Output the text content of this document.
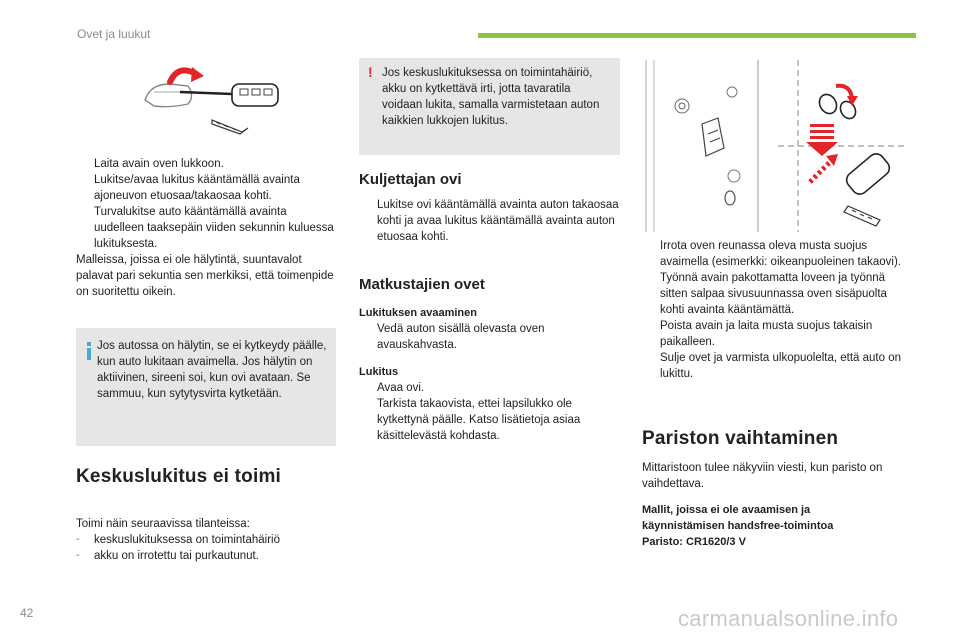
Ovet ja luukut
Laita avain oven lukkoon.
Lukitse/avaa lukitus kääntämällä avainta ajoneuvon etuosaa/takaosaa kohti.
Turvalukitse auto kääntämällä avainta uudelleen taaksepäin viiden sekunnin kuluessa lukituksesta.
Malleissa, joissa ei ole hälytintä, suuntavalot palavat pari sekuntia sen merkiksi, että toimenpide on suoritettu oikein.
Jos autossa on hälytin, se ei kytkeydy päälle, kun auto lukitaan avaimella. Jos hälytin on aktiivinen, sireeni soi, kun ovi avataan. Se sammuu, kun sytytysvirta kytketään.
Keskuslukitus ei toimi
Toimi näin seuraavissa tilanteissa:
- keskuslukituksessa on toimintahäiriö
- akku on irrotettu tai purkautunut.
! Jos keskuslukituksessa on toimintahäiriö, akku on kytkettävä irti, jotta tavaratila voidaan lukita, samalla varmistetaan auton kaikkien lukkojen lukitus.
Kuljettajan ovi
Lukitse ovi kääntämällä avainta auton takaosaa kohti ja avaa lukitus kääntämällä avainta auton etuosaa kohti.
Matkustajien ovet
Lukituksen avaaminen
Vedä auton sisällä olevasta oven avauskahvasta.
Lukitus
Avaa ovi.
Tarkista takaovista, ettei lapsilukko ole kytkettynä päälle. Katso lisätietoja asiaa käsittelevästä kohdasta.
Irrota oven reunassa oleva musta suojus avaimella (esimerkki: oikeanpuoleinen takaovi).
Työnnä avain pakottamatta loveen ja työnnä sitten salpaa sivusuunnassa oven sisäpuolta kohti avainta kääntämättä.
Poista avain ja laita musta suojus takaisin paikalleen.
Sulje ovet ja varmista ulkopuolelta, että auto on lukittu.
Pariston vaihtaminen
Mittaristoon tulee näkyviin viesti, kun paristo on vaihdettava.
Mallit, joissa ei ole avaamisen ja
käynnistämisen handsfree-toimintoa
Paristo: CR1620/3 V
42	carmanualsonline.info
